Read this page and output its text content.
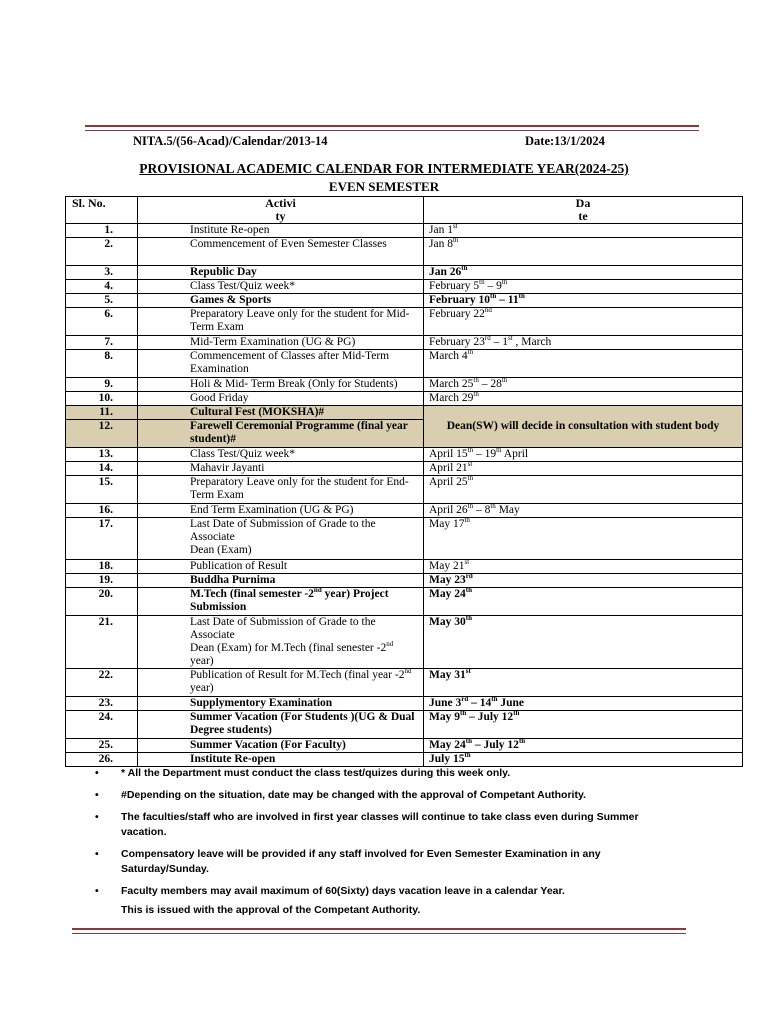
NITA.5/(56-Acad)/Calendar/2013-14	Date:13/1/2024
PROVISIONAL ACADEMIC CALENDAR FOR INTERMEDIATE YEAR(2024-25)
EVEN SEMESTER
Sl. No.	Activi
ty	Da
te

1.	Institute Re-open	Jan 1st
2.	Commencement of Even Semester Classes	Jan 8th
3.	Republic Day	Jan 26th
4.	Class Test/Quiz week*	February 5th – 9th
5.	Games & Sports	February 10th – 11th
6.	Preparatory Leave only for the student for Mid-Term Exam	February 22nd
7.	Mid-Term Examination (UG & PG)	February 23rd – 1st , March
8.	Commencement of Classes after Mid-Term Examination	March 4th
9.	Holi & Mid- Term Break (Only for Students)	March 25th – 28th
10.	Good Friday	March 29th
11.	Cultural Fest (MOKSHA)#	Dean(SW) will decide in consultation with student body
12.	Farewell Ceremonial Programme (final year student)#	
13.	Class Test/Quiz week*	April 15th – 19th April
14.	Mahavir Jayanti	April 21st
15.	Preparatory Leave only for the student for End-Term Exam	April 25th
16.	End Term Examination (UG & PG)	April 26th – 8th May
17.	Last Date of Submission of Grade to the Associate
Dean (Exam)	May 17th
18.	Publication of Result	May 21st
19.	Buddha Purnima	May 23rd
20.	M.Tech (final semester -2nd year) Project Submission	May 24th
21.	Last Date of Submission of Grade to the Associate
Dean (Exam) for M.Tech (final senester -2nd year)	May 30th
22.	Publication of Result for M.Tech (final year -2nd year)	May 31st
23.	Supplymentory Examination	June 3rd – 14th June
24.	Summer Vacation (For Students )(UG & Dual Degree students)	May 9th – July 12th
25.	Summer Vacation (For Faculty)	May 24th – July 12th
26.	Institute Re-open	July 15th
• * All the Department must conduct the class test/quizes during this week only.
• #Depending on the situation, date may be changed with the approval of Competant Authority.
• The faculties/staff who are involved in first year classes will continue to take class even during Summer vacation.
• Compensatory leave will be provided if any staff involved for Even Semester Examination in any Saturday/Sunday.
• Faculty members may avail maximum of 60(Sixty) days vacation leave in a calendar Year.
This is issued with the approval of the Competant Authority.
